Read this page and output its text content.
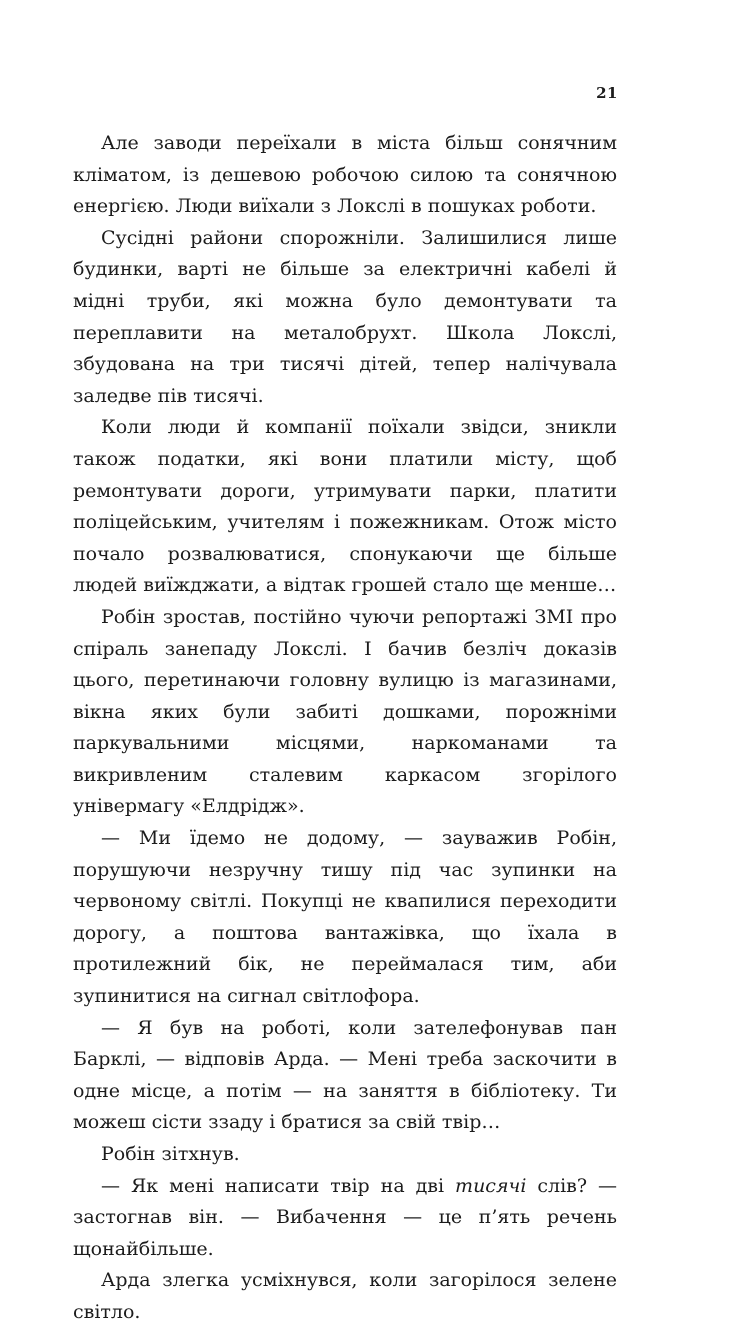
21

Але заводи переїхали в міста більш сонячним кліматом, із дешевою робочою силою та сонячною енергією. Люди виїхали з Локслі в пошуках роботи.

Сусідні райони спорожніли. Залишилися лише будинки, варті не більше за електричні кабелі й мідні труби, які можна було демонтувати та переплавити на металобрухт. Школа Локслі, збудована на три тисячі дітей, тепер налічувала заледве пів тисячі.

Коли люди й компанії поїхали звідси, зникли також податки, які вони платили місту, щоб ремонтувати дороги, утримувати парки, платити поліцейським, учителям і пожежникам. Отож місто почало розвалюватися, спонукаючи ще більше людей виїжджати, а відтак грошей стало ще менше…

Робін зростав, постійно чуючи репортажі ЗМІ про спіраль занепаду Локслі. І бачив безліч доказів цього, перетинаючи головну вулицю із магазинами, вікна яких були забиті дошками, порожніми паркувальними місцями, наркоманами та викривленим сталевим каркасом згорілого універмагу «Елдрідж».

— Ми їдемо не додому, — зауважив Робін, порушуючи незручну тишу під час зупинки на червоному світлі. Покупці не квапилися переходити дорогу, а поштова вантажівка, що їхала в протилежний бік, не переймалася тим, аби зупинитися на сигнал світлофора.

— Я був на роботі, коли зателефонував пан Барклі, — відповів Арда. — Мені треба заскочити в одне місце, а потім — на заняття в бібліотеку. Ти можеш сісти ззаду і братися за свій твір…

Робін зітхнув.

— Як мені написати твір на дві тисячі слів? — застогнав він. — Вибачення — це п’ять речень щонайбільше.

Арда злегка усміхнувся, коли загорілося зелене світло.
